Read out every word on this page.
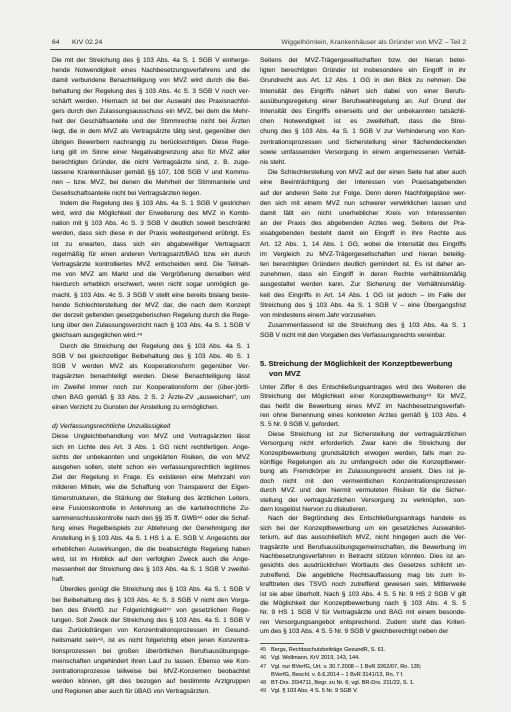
64 KrV 02.24	Wiggelhörnlein, Krankenhäuser als Gründer von MVZ – Teil 2
Die mit der Streichung des § 103 Abs. 4a S. 1 SGB V einherge-
hende Notwendigkeit eines Nachbesetzungsverfahrens und die
damit verbundene Benachteiligung von MVZ wird durch die Bei-
behaltung der Regelung des § 103 Abs. 4c S. 3 SGB V noch ver-
schärft werden. Hiernach ist bei der Auswahl des Praxisnachfol-
gers durch den Zulassungsausschuss ein MVZ, bei dem die Mehr-
heit der Geschäftsanteile und der Stimmrechte nicht bei Ärzten
liegt, die in dem MVZ als Vertragsärzte tätig sind, gegenüber den
übrigen Bewerbern nachrangig zu berücksichtigen. Diese Rege-
lung gilt im Sinne einer Negativabgrenzung also für MVZ aller
berechtigten Gründer, die nicht Vertragsärzte sind, z. B. zuge-
lassene Krankenhäuser gemäß §§ 107, 108 SGB V und Kommu-
nen – bzw. MVZ, bei denen die Mehrheit der Stimmanteile und
Gesellschaftsanteile nicht bei Vertragsärzten liegen.
Indem die Regelung des § 103 Abs. 4a S. 1 SGB V gestrichen
wird, wird die Möglichkeit der Erweiterung des MVZ in Kombi-
nation mit § 103 Abs. 4c S. 3 SGB V deutlich soweit beschränkt
werden, dass sich diese in der Praxis weitestgehend erübrigt. Es
ist zu erwarten, dass sich ein abgabewilliger Vertragsarzt
regelmäßig für einen anderen Vertragsarzt/BAG bzw. ein durch
Vertragsärzte kontrolliertes MVZ entscheiden wird. Die Teilnah-
me von MVZ am Markt und die Vergrößerung derselben wird
hierdurch erheblich erschwert, wenn nicht sogar unmöglich ge-
macht. § 103 Abs. 4c S. 3 SGB V stellt eine bereits bislang beste-
hende Schlechterstellung der MVZ dar, die nach dem Konzept
der derzeit geltenden gesetzgeberischen Regelung durch die Rege-
lung über den Zulassungsverzicht nach § 103 Abs. 4a S. 1 SGB V
gleichsam ausgeglichen wird.⁴⁵
Durch die Streichung der Regelung des § 103 Abs. 4a S. 1
SGB V bei gleichzeitiger Beibehaltung des § 103 Abs. 4b S. 1
SGB V werden MVZ als Kooperationsform gegenüber Ver-
tragsärzten benachteiligt werden. Diese Benachteiligung lässt
im Zweifel immer noch zur Kooperationsform der (über-)örtli-
chen BAG gemäß § 33 Abs. 2 S. 2 Ärzte-ZV „ausweichen“, um
einen Verzicht zu Gunsten der Anstellung zu ermöglichen.
d) Verfassungsrechtliche Unzulässigkeit
Diese Ungleichbehandlung von MVZ und Vertragsärzten lässt
sich im Lichte des Art. 3 Abs. 1 GG nicht rechtfertigen. Ange-
sichts der unbekannten und ungeklärten Risiken, die von MVZ
ausgehen sollen, steht schon ein verfassungsrechtlich legitimes
Ziel der Regelung in Frage. Es existieren eine Mehrzahl von
milderen Mitteln, wie die Schaffung von Transparenz der Eigen-
tümerstrukturen, die Stärkung der Stellung des ärztlichen Leiters,
eine Fusionskontrolle in Anlehnung an die kartellrechtliche Zu-
sammenschlusskontrolle nach den §§ 35 ff. GWB⁴⁶ oder die Schaf-
fung eines Regelbeispiels zur Ablehnung der Genehmigung der
Anstellung in § 103 Abs. 4a S. 1 HS 1 a. E. SGB V. Angesichts der
erheblichen Auswirkungen, die die beabsichtigte Regelung haben
wird, ist im Hinblick auf den verfolgten Zweck auch die Ange-
messenheit der Streichung des § 103 Abs. 4a S. 1 SGB V zweifel-
haft.
Überdies genügt die Streichung des § 103 Abs. 4a S. 1 SGB V
bei Beibehaltung des § 103 Abs. 4c S. 3 SGB V nicht den Vorga-
ben des BVerfG zur Folgerichtigkeit⁴⁷ von gesetzlichen Rege-
lungen. Soll Zweck der Streichung des § 103 Abs. 4a S. 1 SGB V
das Zurückdrängen von Konzentrationsprozessen im Gesund-
heitsmarkt sein⁴⁸, ist es nicht folgerichtig eben jenen Konzentra-
tionsprozessen bei großen überörtlichen Berufsausübungsge-
meinschaften ungehindert ihren Lauf zu lassen. Ebenso wie Kon-
zentrationsprozesse teilweise bei MVZ-Konzernen beobachtet
werden können, gilt dies bezogen auf bestimmte Arztgruppen
und Regionen aber auch für üBAG von Vertragsärzten.
Seitens der MVZ-Trägergesellschaften bzw. der hieran betei-
ligten berechtigten Gründer ist insbesondere ein Eingriff in ihr
Grundrecht aus Art. 12 Abs. 1 GG in den Blick zu nehmen. Die
Intensität des Eingriffs nähert sich dabei von einer Berufs-
ausübungsregelung einer Berufswahlregelung an. Auf Grund der
Intensität des Eingriffs einerseits und der unbekannten tatsächli-
chen Notwendigkeit ist es zweifelhaft, dass die Strei-
chung des § 103 Abs. 4a S. 1 SGB V zur Verhinderung von Kon-
zentrationsprozessen und Sicherstellung einer flächendeckenden
sowie umfassenden Versorgung in einem angemessenen Verhält-
nis steht.
Die Schlechterstellung von MVZ auf der einen Seite hat aber auch
eine Beeinträchtigung der Interessen von Praxisabgebenden
auf der anderen Seite zur Folge. Denn deren Nachfolgepläne wer-
den sich mit einem MVZ nun schwerer verwirklichen lassen und
damit fällt ein nicht unerheblicher Kreis von Interessenten
an der Praxis des abgebenden Arztes weg. Seitens der Pra-
xisabgebenden besteht damit ein Eingriff in ihre Rechte aus
Art. 12 Abs. 1, 14 Abs. 1 GG, wobei die Intensität des Eingriffs
im Vergleich zu MVZ-Trägergesellschaften und hieran beteilig-
ten berechtigten Gründern deutlich gemindert ist. Es ist daher an-
zunehmen, dass ein Eingriff in deren Rechte verhältnismäßig
ausgestaltet werden kann. Zur Sicherung der Verhältnismäßig-
keit des Eingriffs in Art. 14 Abs. 1 GG ist jedoch – im Falle der
Streichung des § 103 Abs. 4a S. 1 SGB V – eine Übergangsfrist
von mindestens einem Jahr vorzusehen.
Zusammenfassend ist die Streichung des § 103 Abs. 4a S. 1
SGB V nicht mit den Vorgaben des Verfassungsrechts vereinbar.
5. Streichung der Möglichkeit der Konzeptbewerbung
von MVZ
Unter Ziffer 6 des Entschließungsantrages wird des Weiteren die
Streichung der Möglichkeit einer Konzeptbewerbung⁴⁹ für MVZ,
das heißt die Bewerbung eines MVZ im Nachbesetzungsverfah-
ren ohne Benennung eines konkreten Arztes gemäß § 103 Abs. 4
S. 5 Nr. 9 SGB V, gefordert.
Diese Streichung ist zur Sicherstellung der vertragsärztlichen
Versorgung nicht erforderlich. Zwar kann die Streichung der
Konzeptbewerbung grundsätzlich erwogen werden, falls man zu-
künftige Regelungen als zu umfangreich oder die Konzeptbewer-
bung als Fremdkörper im Zulassungsrecht ansieht. Dies ist je-
doch nicht mit den vermeintlichen Konzentrationsprozessen
durch MVZ und den hiermit vermuteten Risiken für die Sicher-
stellung der vertragsärztlichen Versorgung zu verknüpfen, son-
dern losgelöst hiervon zu diskutieren.
Nach der Begründung des Entschließungsantrags handele es
sich bei der Konzeptbewerbung um ein gesetzliches Auswahlkri-
terium, auf das ausschließlich MVZ, nicht hingegen auch die Ver-
tragsärzte und Berufsausübungsgemeinschaften, die Bewerbung im
Nachbesetzungsverfahren in Betracht stützen könnten. Dies ist an-
gesichts des ausdrücklichen Wortlauts des Gesetzes schlicht un-
zutreffend. Die angebliche Rechtsauffassung mag bis zum In-
krafttreten des TSVG noch zutreffend gewesen sein. Mittlerweile
ist sie aber überholt. Nach § 103 Abs. 4 S. 5 Nr. 9 HS 2 SGB V gilt
die Möglichkeit der Konzeptbewerbung nach § 103 Abs. 4 S. 5
Nr. 9 HS 1 SGB V für Vertragsärzte und BAG mit einem besonde-
ren Versorgungsangebot entsprechend. Zudem steht das Kriteri-
um des § 103 Abs. 4 S. 5 Nr. 9 SGB V gleichberechtigt neben der
45 Bergs, Rechtsschutzbeiträge GesundR, S. 61.
46 Vgl. Wollmann, KrV 2019, 143, 144.
47 Vgl. nur BVerfG, Urt. v. 30.7.2008 – 1 BvR 3262/07, Rn. 135;
BVerfG, Beschl. v. 6.6.2014 – 1 BvR 3141/13, Rn. 7 f.
48 BT-Drs. 20/4711, Begr. zu Nr. 6; vgl. BR-Drs. 211/22, S. 1.
49 Vgl. § 103 Abs. 4 S. 5 Nr. 9 SGB V.
